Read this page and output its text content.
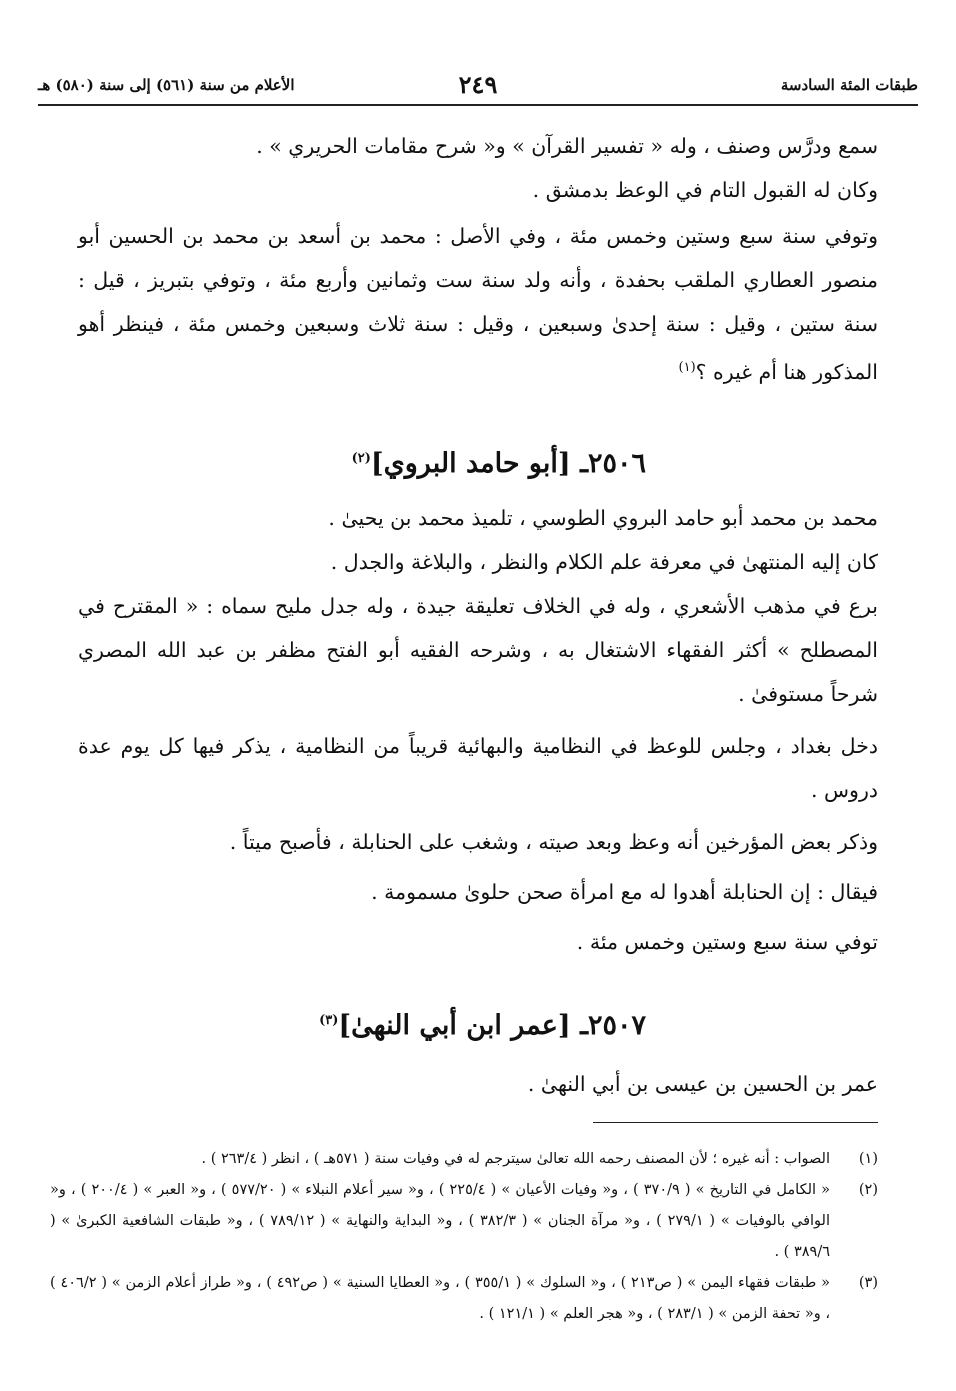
طبقات المئة السادسة
٢٤٩
الأعلام من سنة (٥٦١) إلى سنة (٥٨٠) هـ

سمع ودرَّس وصنف ، وله « تفسير القرآن » و« شرح مقامات الحريري » .

وكان له القبول التام في الوعظ بدمشق .

وتوفي سنة سبع وستين وخمس مئة ، وفي الأصل : محمد بن أسعد بن محمد بن الحسين أبو منصور العطاري الملقب بحفدة ، وأنه ولد سنة ست وثمانين وأربع مئة ، وتوفي بتبريز ، قيل : سنة ستين ، وقيل : سنة إحدىٰ وسبعين ، وقيل : سنة ثلاث وسبعين وخمس مئة ، فينظر أهو المذكور هنا أم غيره ؟$^{(١)}$

٢٥٠٦ـ [أبو حامد البروي]$^{(٢)}$

محمد بن محمد أبو حامد البروي الطوسي ، تلميذ محمد بن يحيىٰ .

كان إليه المنتهىٰ في معرفة علم الكلام والنظر ، والبلاغة والجدل .

برع في مذهب الأشعري ، وله في الخلاف تعليقة جيدة ، وله جدل مليح سماه : « المقترح في المصطلح » أكثر الفقهاء الاشتغال به ، وشرحه الفقيه أبو الفتح مظفر بن عبد الله المصري شرحاً مستوفىٰ .

دخل بغداد ، وجلس للوعظ في النظامية والبهائية قريباً من النظامية ، يذكر فيها كل يوم عدة دروس .

وذكر بعض المؤرخين أنه وعظ وبعد صيته ، وشغب على الحنابلة ، فأصبح ميتاً .

فيقال : إن الحنابلة أهدوا له مع امرأة صحن حلوىٰ مسمومة .

توفي سنة سبع وستين وخمس مئة .

٢٥٠٧ـ [عمر ابن أبي النهىٰ]$^{(٣)}$

عمر بن الحسين بن عيسى بن أبي النهىٰ .

(١)
الصواب : أنه غيره ؛ لأن المصنف رحمه الله تعالىٰ سيترجم له في وفيات سنة ( ٥٧١هـ ) ، انظر ( ٢٦٣/٤ ) .

(٢)
« الكامل في التاريخ » ( ٣٧٠/٩ ) ، و« وفيات الأعيان » ( ٢٢٥/٤ ) ، و« سير أعلام النبلاء » ( ٥٧٧/٢٠ ) ، و« العبر » ( ٢٠٠/٤ ) ، و« الوافي بالوفيات » ( ٢٧٩/١ ) ، و« مرآة الجنان » ( ٣٨٢/٣ ) ، و« البداية والنهاية » ( ٧٨٩/١٢ ) ، و« طبقات الشافعية الكبرىٰ » ( ٣٨٩/٦ ) .

(٣)
« طبقات فقهاء اليمن » ( ص٢١٣ ) ، و« السلوك » ( ٣٥٥/١ ) ، و« العطايا السنية » ( ص٤٩٢ ) ، و« طراز أعلام الزمن » ( ٤٠٦/٢ ) ، و« تحفة الزمن » ( ٢٨٣/١ ) ، و« هجر العلم » ( ١٢١/١ ) .
